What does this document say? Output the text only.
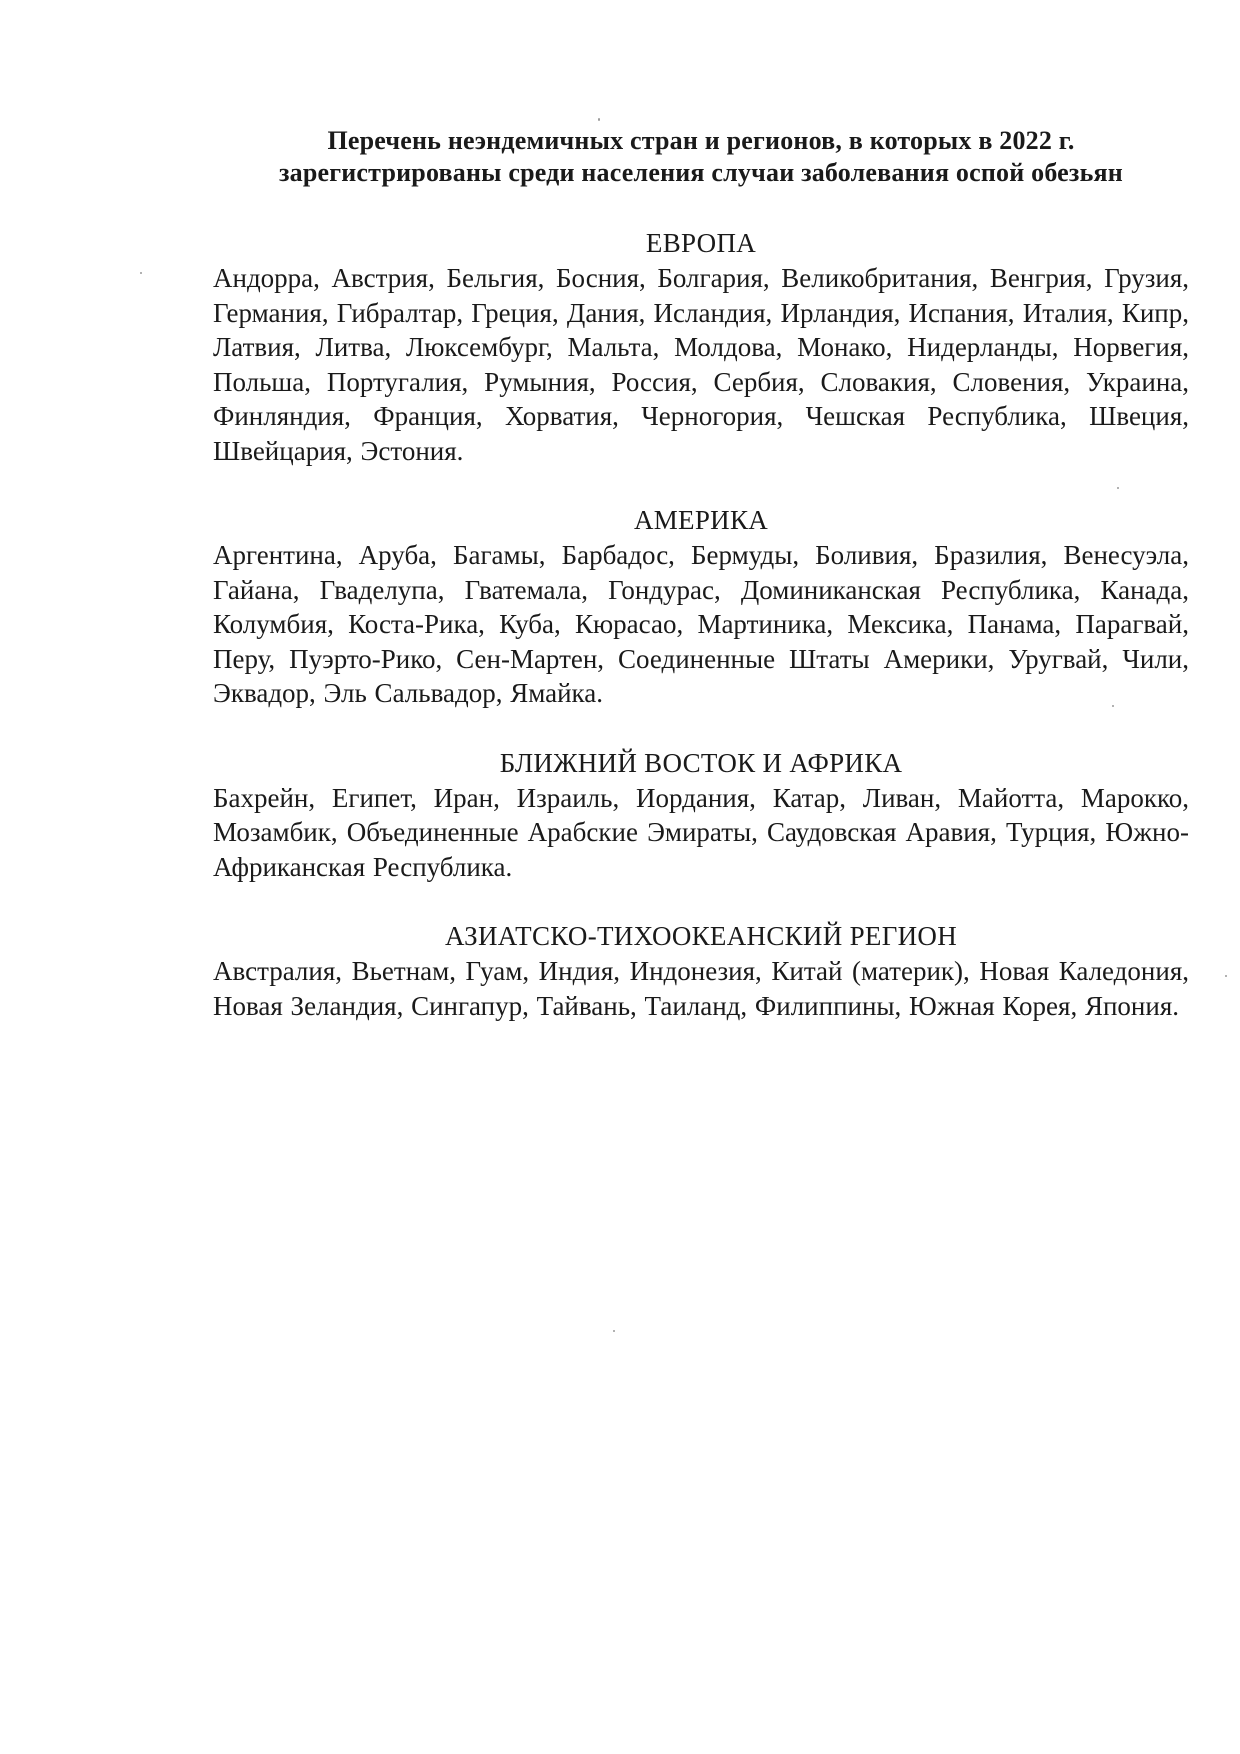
Перечень неэндемичных стран и регионов, в которых в 2022 г.
зарегистрированы среди населения случаи заболевания оспой обезьян
ЕВРОПА

Андорра, Австрия, Бельгия, Босния, Болгария, Великобритания, Венгрия, Грузия, Германия, Гибралтар, Греция, Дания, Исландия, Ирландия, Испания, Италия, Кипр, Латвия, Литва, Люксембург, Мальта, Молдова, Монако, Нидерланды, Норвегия, Польша, Португалия, Румыния, Россия, Сербия, Словакия, Словения, Украина, Финляндия, Франция, Хорватия, Черногория, Чешская Республика, Швеция, Швейцария, Эстония.

АМЕРИКА

Аргентина, Аруба, Багамы, Барбадос, Бермуды, Боливия, Бразилия, Венесуэла, Гайана, Гваделупа, Гватемала, Гондурас, Доминиканская Республика, Канада, Колумбия, Коста-Рика, Куба, Кюрасао, Мартиника, Мексика, Панама, Парагвай, Перу, Пуэрто-Рико, Сен-Мартен, Соединенные Штаты Америки, Уругвай, Чили, Эквадор, Эль Сальвадор, Ямайка.

БЛИЖНИЙ ВОСТОК И АФРИКА

Бахрейн, Египет, Иран, Израиль, Иордания, Катар, Ливан, Майотта, Марокко, Мозамбик, Объединенные Арабские Эмираты, Саудовская Аравия, Турция, Южно-Африканская Республика.

АЗИАТСКО-ТИХООКЕАНСКИЙ РЕГИОН

Австралия, Вьетнам, Гуам, Индия, Индонезия, Китай (материк), Новая Каледония, Новая Зеландия, Сингапур, Тайвань, Таиланд, Филиппины, Южная Корея, Япония.
